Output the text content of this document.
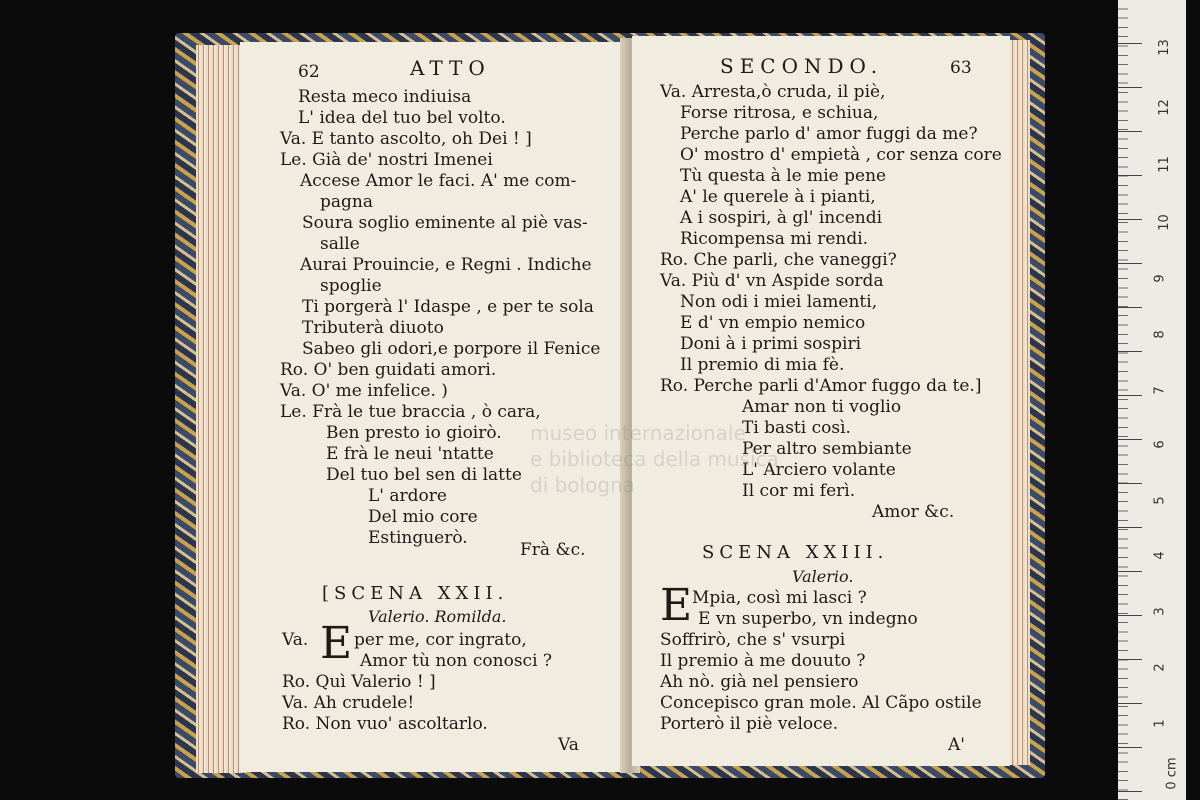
62	ATTO
Resta meco indiuisa
L' idea del tuo bel volto.
Va. E tanto ascolto, oh Dei ! ]
Le. Già de' nostri Imenei
Accese Amor le faci. A' me com-
pagna
Soura soglio eminente al piè vas-
salle
Aurai Prouincie, e Regni . Indiche
spoglie
Ti porgerà l' Idaspe , e per te sola
Tributerà diuoto
Sabeo gli odori,e porpore il Fenice
Ro. O' ben guidati amori.
Va. O' me infelice. )
Le. Frà le tue braccia , ò cara,
Ben presto io gioirò.
E frà le neui 'ntatte
Del tuo bel sen di latte
L' ardore
Del mio core
Estinguerò.
Frà &c.
[SCENA XXII.
Valerio. Romilda.
Va. E per me, cor ingrato,
Amor tù non conosci ?
Ro. Quì Valerio ! ]
Va. Ah crudele!
Ro. Non vuo' ascoltarlo.
Va
SECONDO.	63
Va. Arresta,ò cruda, il piè,
Forse ritrosa, e schiua,
Perche parlo d' amor fuggi da me?
O' mostro d' empietà , cor senza core
Tù questa à le mie pene
A' le querele à i pianti,
A i sospiri, à gl' incendi
Ricompensa mi rendi.
Ro. Che parli, che vaneggi?
Va. Più d' vn Aspide sorda
Non odi i miei lamenti,
E d' vn empio nemico
Doni à i primi sospiri
Il premio di mia fè.
Ro. Perche parli d'Amor fuggo da te.]
Amar non ti voglio
Ti basti così.
Per altro sembiante
L' Arciero volante
Il cor mi ferì.
Amor &c.
SCENA XXIII.
Valerio.
E Mpia, così mi lasci ?
E vn superbo, vn indegno
Soffrirò, che s' vsurpi
Il premio à me douuto ?
Ah nò. già nel pensiero
Concepisco gran mole. Al Cãpo ostile
Porterò il piè veloce.
A'
museo internazionale
e biblioteca della musica
di bologna
13
12
11
10
9
8
7
6
5
4
3
2
1
0 cm
